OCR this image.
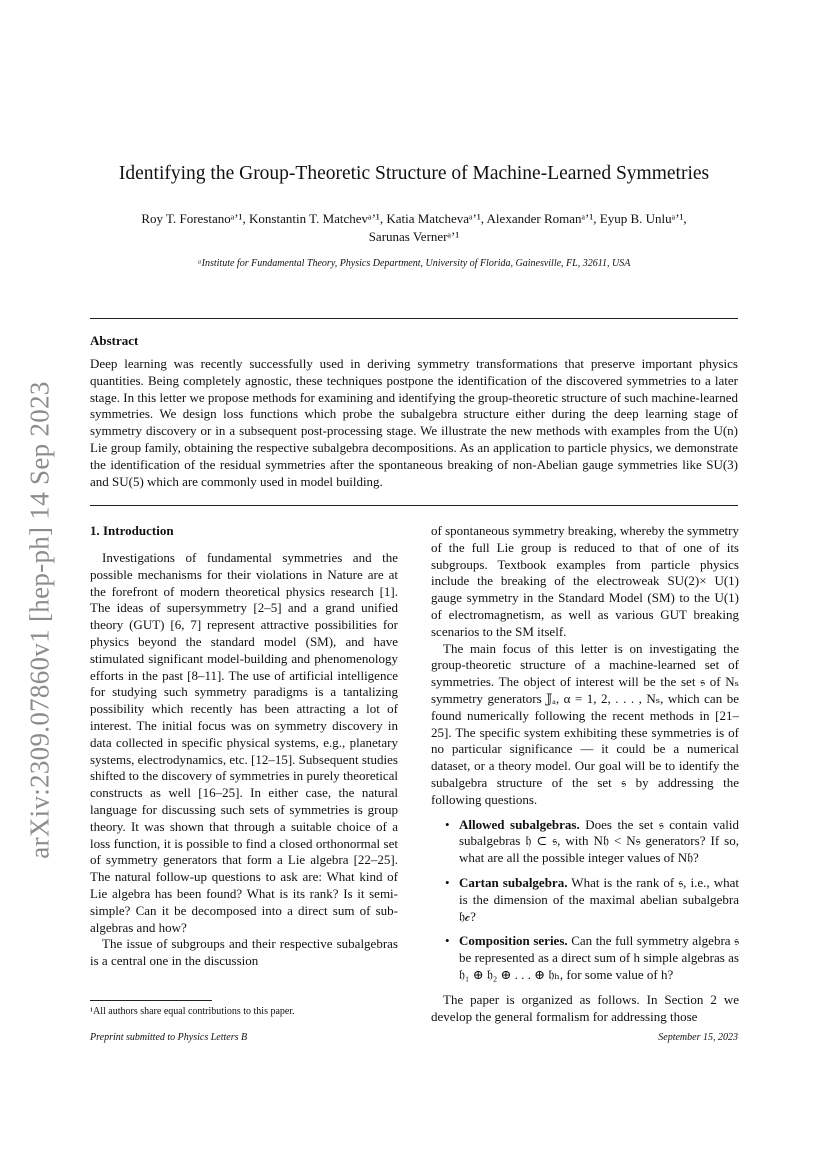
arXiv:2309.07860v1 [hep-ph] 14 Sep 2023
Identifying the Group-Theoretic Structure of Machine-Learned Symmetries
Roy T. Forestanoᵃʼ¹, Konstantin T. Matchevᵃʼ¹, Katia Matchevaᵃʼ¹, Alexander Romanᵃʼ¹, Eyup B. Unluᵃʼ¹,
Sarunas Vernerᵃʼ¹
ᵃInstitute for Fundamental Theory, Physics Department, University of Florida, Gainesville, FL, 32611, USA
Abstract
Deep learning was recently successfully used in deriving symmetry transformations that preserve important physics quantities. Being completely agnostic, these techniques postpone the identification of the discovered symmetries to a later stage. In this letter we propose methods for examining and identifying the group-theoretic structure of such machine-learned symmetries. We design loss functions which probe the subalgebra structure either during the deep learning stage of symmetry discovery or in a subsequent post-processing stage. We illustrate the new methods with examples from the U(n) Lie group family, obtaining the respective subalgebra decompositions. As an application to particle physics, we demonstrate the identification of the residual symmetries after the spontaneous breaking of non-Abelian gauge symmetries like SU(3) and SU(5) which are commonly used in model building.
1. Introduction

Investigations of fundamental symmetries and the possible mechanisms for their violations in Nature are at the forefront of modern theoretical physics research [1]. The ideas of supersymmetry [2–5] and a grand unified theory (GUT) [6, 7] represent attractive possibilities for physics beyond the standard model (SM), and have stimulated significant model-building and phenomenology efforts in the past [8–11]. The use of artificial intelligence for studying such symmetry paradigms is a tantalizing possibility which recently has been attracting a lot of interest. The initial focus was on symmetry discovery in data collected in specific physical systems, e.g., planetary systems, electrodynamics, etc. [12–15]. Subsequent studies shifted to the discovery of symmetries in purely theoretical constructs as well [16–25]. In either case, the natural language for discussing such sets of symmetries is group theory. It was shown that through a suitable choice of a loss function, it is possible to find a closed orthonormal set of symmetry generators that form a Lie algebra [22–25]. The natural follow-up questions to ask are: What kind of Lie algebra has been found? What is its rank? Is it semi-simple? Can it be decomposed into a direct sum of sub-algebras and how?

The issue of subgroups and their respective subalgebras is a central one in the discussion

of spontaneous symmetry breaking, whereby the symmetry of the full Lie group is reduced to that of one of its subgroups. Textbook examples from particle physics include the breaking of the electroweak SU(2)× U(1) gauge symmetry in the Standard Model (SM) to the U(1) of electromagnetism, as well as various GUT breaking scenarios to the SM itself.

The main focus of this letter is on investigating the group-theoretic structure of a machine-learned set of symmetries. The object of interest will be the set 𝔰 of Nₛ symmetry generators 𝕁ₐ, α = 1, 2, . . . , Nₛ, which can be found numerically following the recent methods in [21–25]. The specific system exhibiting these symmetries is of no particular significance — it could be a numerical dataset, or a theory model. Our goal will be to identify the subalgebra structure of the set 𝔰 by addressing the following questions.

• Allowed subalgebras. Does the set 𝔰 contain valid subalgebras 𝔥 ⊂ 𝔰, with N𝔥 < N𝔰 generators? If so, what are all the possible integer values of N𝔥?
• Cartan subalgebra. What is the rank of 𝔰, i.e., what is the dimension of the maximal abelian subalgebra 𝔥𝒸?
• Composition series. Can the full symmetry algebra 𝔰 be represented as a direct sum of h simple algebras as 𝔥₁ ⊕ 𝔥₂ ⊕ . . . ⊕ 𝔥ₕ, for some value of h?

The paper is organized as follows. In Section 2 we develop the general formalism for addressing those

¹All authors share equal contributions to this paper.
Preprint submitted to Physics Letters B	September 15, 2023
